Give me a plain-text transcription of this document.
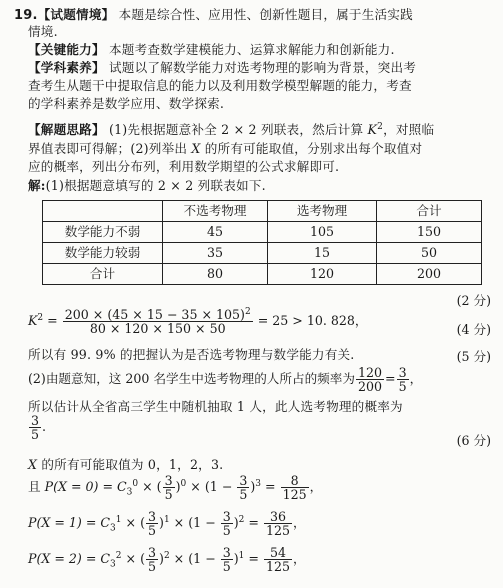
19.【试题情境】 本题是综合性、应用性、创新性题目，属于生活实践
情境.
【关键能力】 本题考查数学建模能力、运算求解能力和创新能力.
【学科素养】 试题以了解数学能力对选考物理的影响为背景，突出考
查考生从题干中提取信息的能力以及利用数学模型解题的能力，考查
的学科素养是数学应用、数学探索.
【解题思路】 (1)先根据题意补全 2 × 2 列联表，然后计算 $K^2$，对照临
界值表即可得解；(2)列举出 X 的所有可能取值，分别求出每个取值对
应的概率，列出分布列，利用数学期望的公式求解即可.
解:(1)根据题意填写的 2 × 2 列联表如下.
	不选考物理	选考物理	合计
数学能力不弱	45	105	150
数学能力较弱	35	15	50
合计	80	120	200
(2 分)
$K^2 = \frac{200 \times (45 \times 15 - 35 \times 105)^2}{80 \times 120 \times 150 \times 50} = 25 > 10$. 828，
(4 分)
所以有 99. 9% 的把握认为是否选考物理与数学能力有关.	(5 分)
(2)由题意知，这 200 名学生中选考物理的人所占的频率为 $\frac{120}{200} = \frac{3}{5}$ ，
所以估计从全省高三学生中随机抽取 1 人，此人选考物理的概率为
$\frac{3}{5}$ .
(6 分)
X 的所有可能取值为 0，1，2，3.
且 $P(X = 0) = C_3^0$ × ( $\frac{3}{5} )^0 \times (1 - \frac{3}{5} )^3 = \frac{8}{125}$ ，
$P(X = 1) = C_3^1$ × ( $\frac{3}{5} )^1 \times (1 - \frac{3}{5} )^2 = \frac{36}{125}$ ，
$P(X = 2) = C_3^2$ × ( $\frac{3}{5} )^2 \times (1 - \frac{3}{5} )^1 = \frac{54}{125}$ ，
